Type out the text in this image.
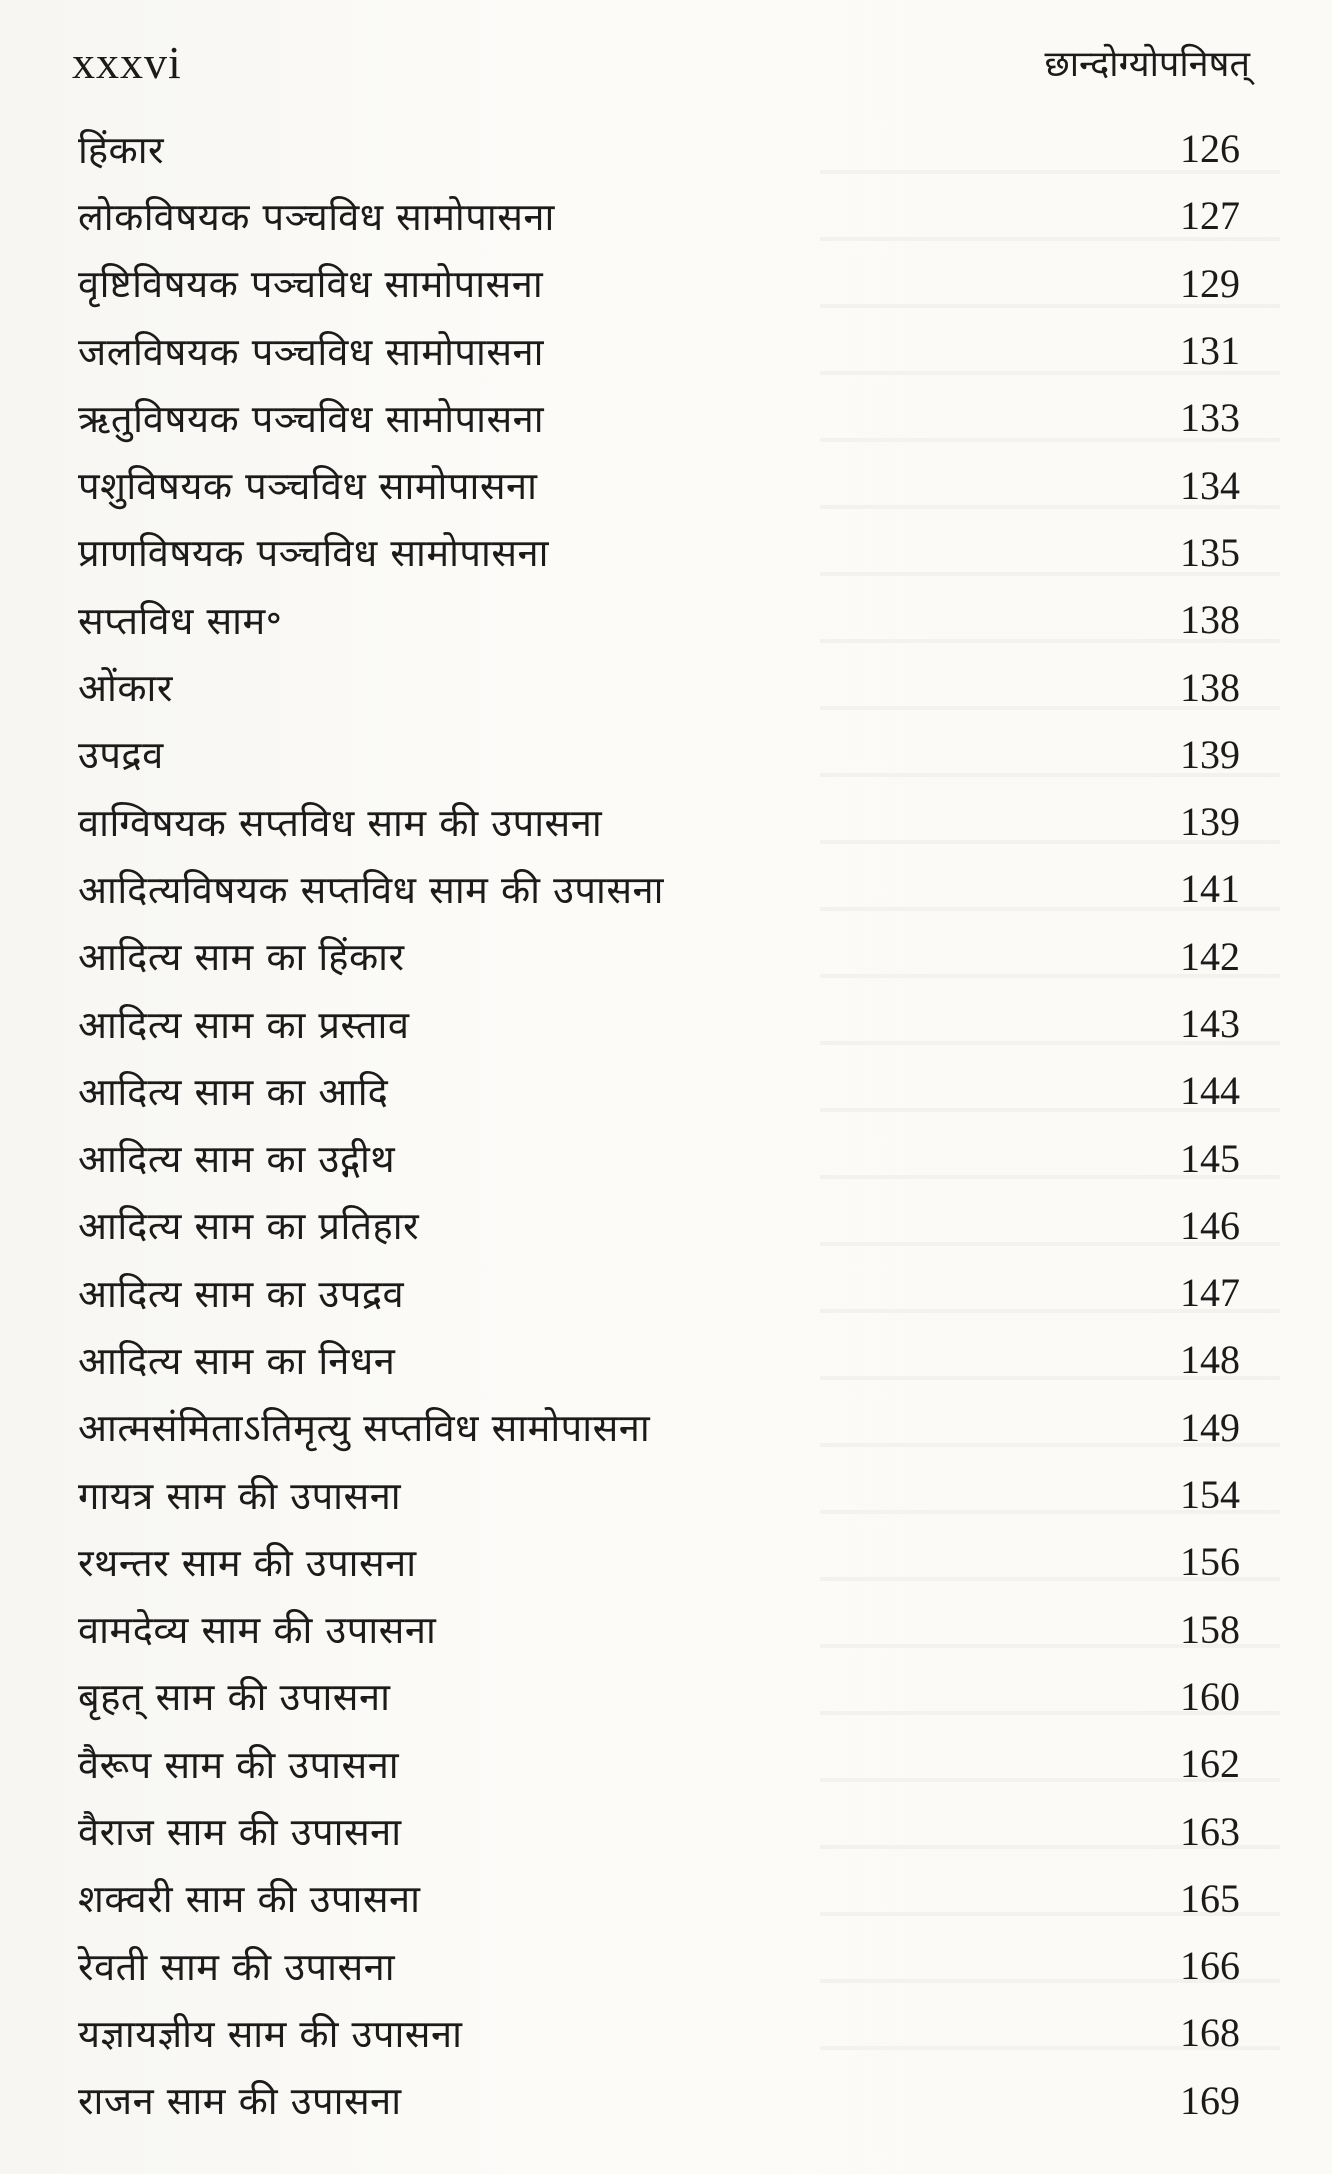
xxxvi	छान्दोग्योपनिषत्
हिंकार	126
लोकविषयक पञ्चविध सामोपासना	127
वृष्टिविषयक पञ्चविध सामोपासना	129
जलविषयक पञ्चविध सामोपासना	131
ऋतुविषयक पञ्चविध सामोपासना	133
पशुविषयक पञ्चविध सामोपासना	134
प्राणविषयक पञ्चविध सामोपासना	135
सप्तविध साम॰	138
ओंकार	138
उपद्रव	139
वाग्विषयक सप्तविध साम की उपासना	139
आदित्यविषयक सप्तविध साम की उपासना	141
आदित्य साम का हिंकार	142
आदित्य साम का प्रस्ताव	143
आदित्य साम का आदि	144
आदित्य साम का उद्गीथ	145
आदित्य साम का प्रतिहार	146
आदित्य साम का उपद्रव	147
आदित्य साम का निधन	148
आत्मसंमिताऽतिमृत्यु सप्तविध सामोपासना	149
गायत्र साम की उपासना	154
रथन्तर साम की उपासना	156
वामदेव्य साम की उपासना	158
बृहत् साम की उपासना	160
वैरूप साम की उपासना	162
वैराज साम की उपासना	163
शक्वरी साम की उपासना	165
रेवती साम की उपासना	166
यज्ञायज्ञीय साम की उपासना	168
राजन साम की उपासना	169
